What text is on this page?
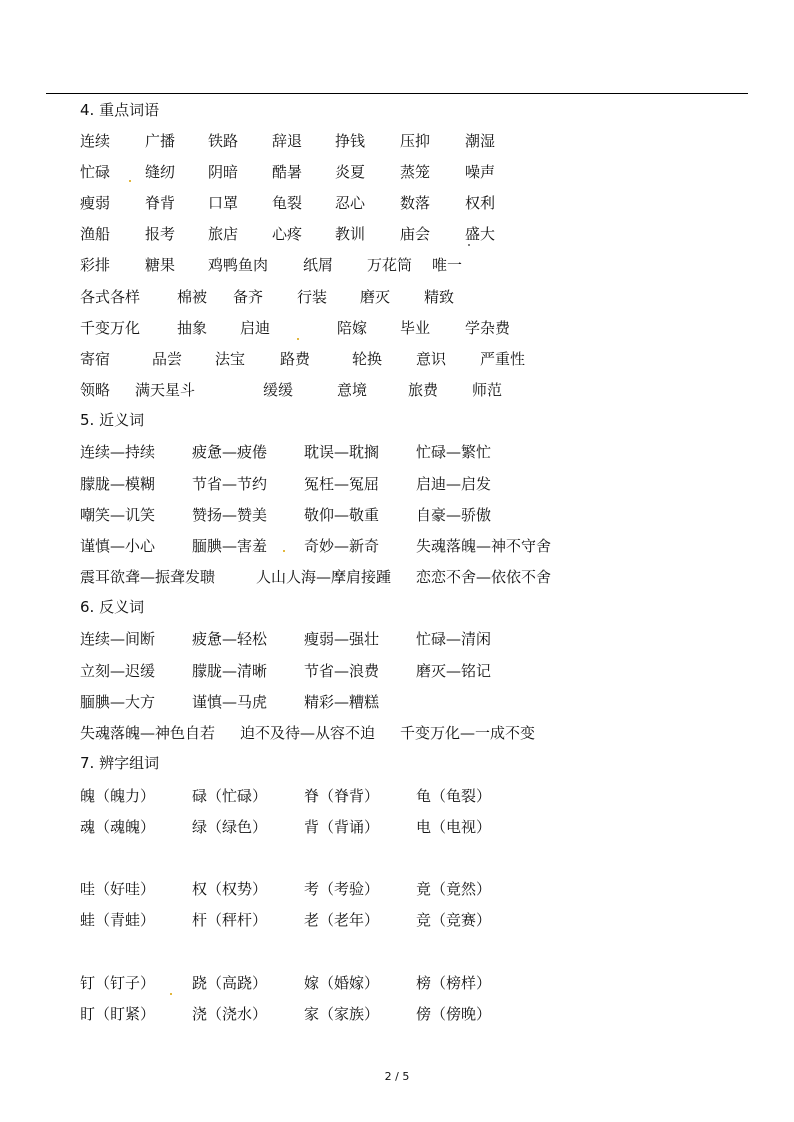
4. 重点词语
连续 广播 铁路 辞退 挣钱 压抑 潮湿
忙碌 缝纫 阴暗 酷暑 炎夏 蒸笼 噪声
瘦弱 脊背 口罩 龟裂 忍心 数落 权利
渔船 报考 旅店 心疼 教训 庙会 盛大
彩排 糖果 鸡鸭鱼肉 纸屑 万花筒 唯一
各式各样 棉被 备齐 行装 磨灭 精致
千变万化 抽象 启迪	陪嫁 毕业 学杂费
寄宿	品尝 法宝 路费	轮换 意识 严重性
领略 满天星斗	缓缓	意境	旅费 师范
5. 近义词
连续—持续 疲惫—疲倦 耽误—耽搁 忙碌—繁忙
朦胧—模糊 节省—节约 冤枉—冤屈 启迪—启发
嘲笑—讥笑 赞扬—赞美 敬仰—敬重 自豪—骄傲
谨慎—小心 腼腆—害羞 奇妙—新奇 失魂落魄—神不守舍
震耳欲聋—振聋发聩	人山人海—摩肩接踵 恋恋不舍—依依不舍
6. 反义词
连续—间断 疲惫—轻松 瘦弱—强壮 忙碌—清闲
立刻—迟缓 朦胧—清晰 节省—浪费 磨灭—铭记
腼腆—大方 谨慎—马虎 精彩—糟糕
失魂落魄—神色自若 迫不及待—从容不迫 千变万化—一成不变
7. 辨字组词
魄（魄力） 碌（忙碌） 脊（脊背） 龟（龟裂）
魂（魂魄） 绿（绿色） 背（背诵） 电（电视）
哇（好哇） 权（权势） 考（考验） 竟（竟然）
蛙（青蛙） 杆（秤杆） 老（老年） 竞（竞赛）
钉（钉子） 跷（高跷） 嫁（婚嫁） 榜（榜样）
盯（盯紧） 浇（浇水） 家（家族） 傍（傍晚）
2 / 5
